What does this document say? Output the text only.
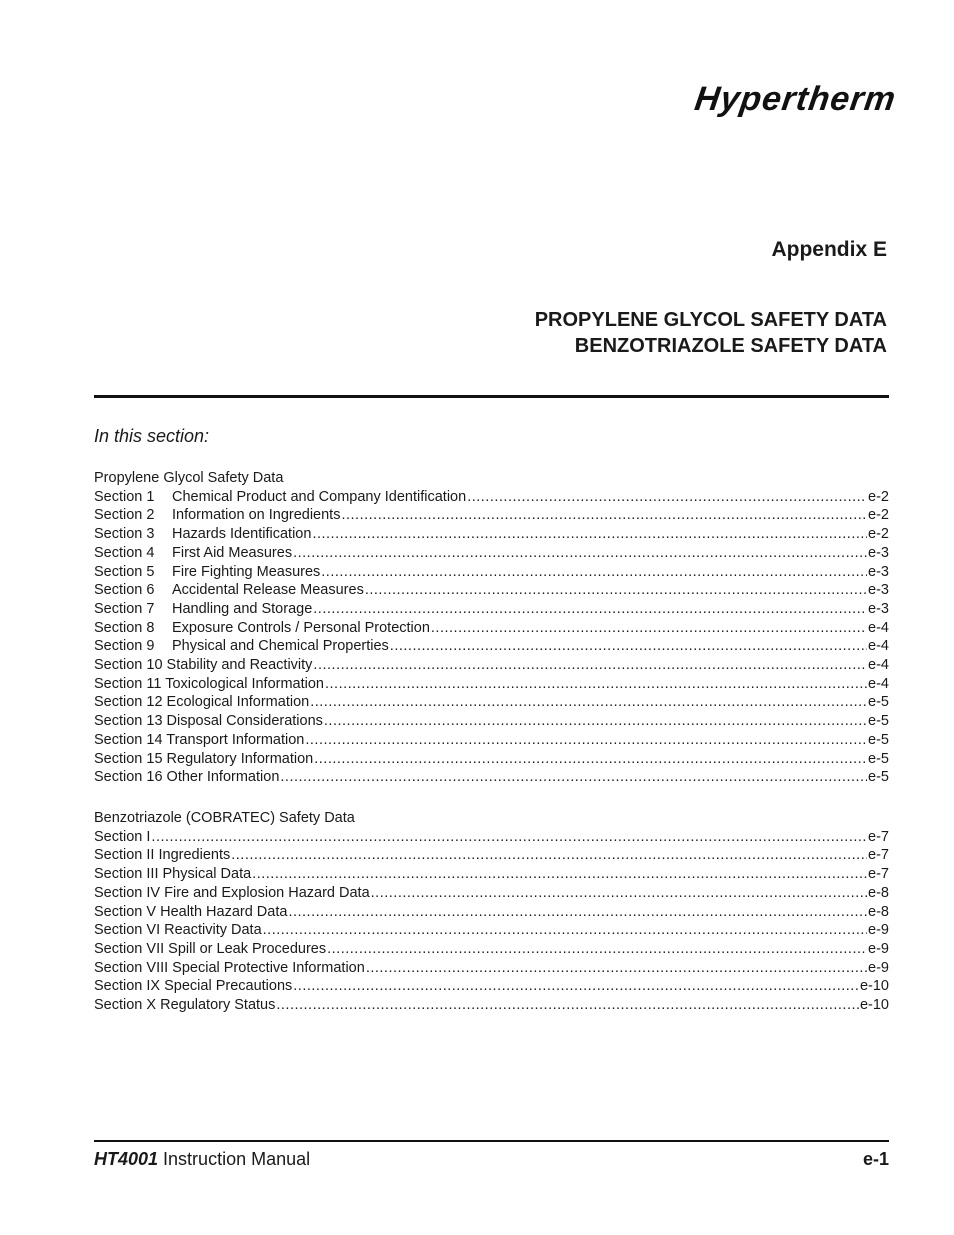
Hypertherm
Appendix E
PROPYLENE GLYCOL SAFETY DATA
BENZOTRIAZOLE SAFETY DATA
In this section:
Propylene Glycol Safety Data
Section 1 Chemical Product and Company Identification .....	e-2
Section 2 Information on Ingredients .....	e-2
Section 3 Hazards Identification .....	e-2
Section 4 First Aid Measures .....	e-3
Section 5 Fire Fighting Measures .....	e-3
Section 6 Accidental Release Measures .....	e-3
Section 7 Handling and Storage .....	e-3
Section 8 Exposure Controls / Personal Protection .....	e-4
Section 9 Physical and Chemical Properties .....	e-4
Section 10 Stability and Reactivity .....	e-4
Section 11 Toxicological Information .....	e-4
Section 12 Ecological Information .....	e-5
Section 13 Disposal Considerations .....	e-5
Section 14 Transport Information .....	e-5
Section 15 Regulatory Information .....	e-5
Section 16 Other Information .....	e-5
Benzotriazole (COBRATEC) Safety Data
Section I .....	e-7
Section II Ingredients .....	e-7
Section III Physical Data .....	e-7
Section IV Fire and Explosion Hazard Data .....	e-8
Section V Health Hazard Data .....	e-8
Section VI Reactivity Data .....	e-9
Section VII Spill or Leak Procedures .....	e-9
Section VIII Special Protective Information .....	e-9
Section IX Special Precautions .....	e-10
Section X Regulatory Status .....	e-10
HT4001 Instruction Manual	e-1
